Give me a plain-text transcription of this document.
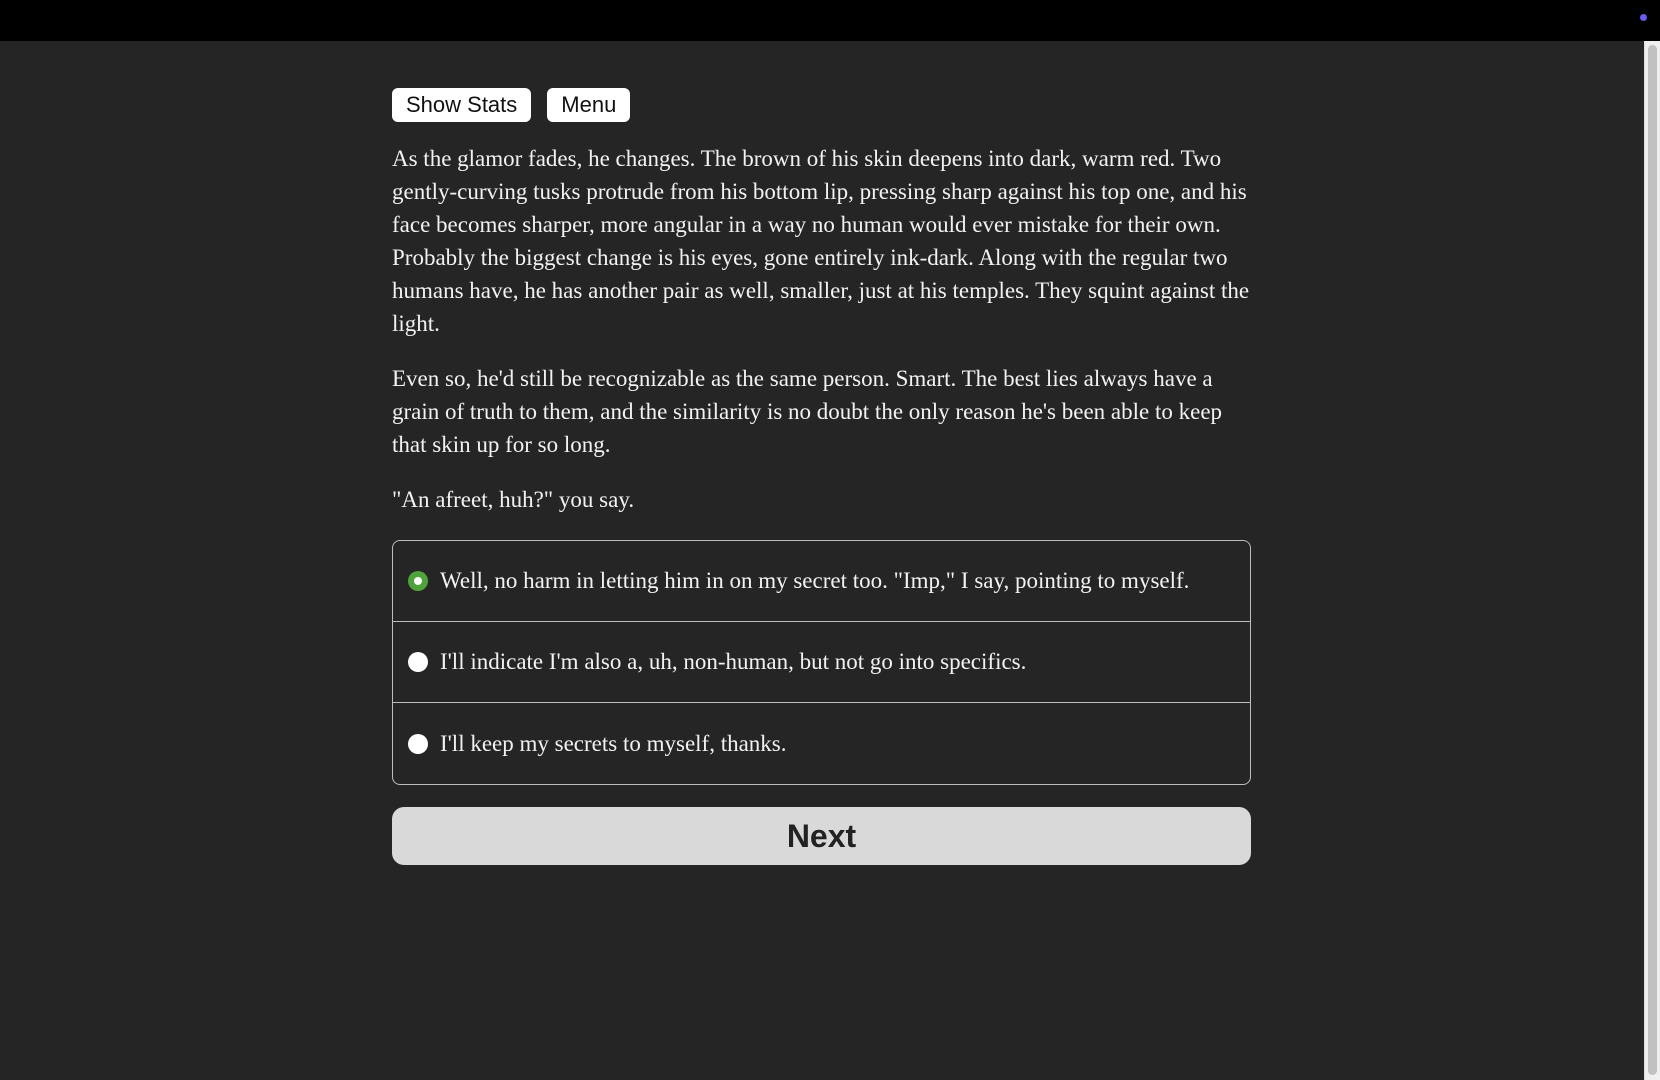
Show Stats	Menu

As the glamor fades, he changes. The brown of his skin deepens into dark, warm red. Two gently-curving tusks protrude from his bottom lip, pressing sharp against his top one, and his face becomes sharper, more angular in a way no human would ever mistake for their own. Probably the biggest change is his eyes, gone entirely ink-dark. Along with the regular two humans have, he has another pair as well, smaller, just at his temples. They squint against the light.

Even so, he'd still be recognizable as the same person. Smart. The best lies always have a grain of truth to them, and the similarity is no doubt the only reason he's been able to keep that skin up for so long.

"An afreet, huh?" you say.

Well, no harm in letting him in on my secret too. "Imp," I say, pointing to myself.
I'll indicate I'm also a, uh, non-human, but not go into specifics.
I'll keep my secrets to myself, thanks.
Next
